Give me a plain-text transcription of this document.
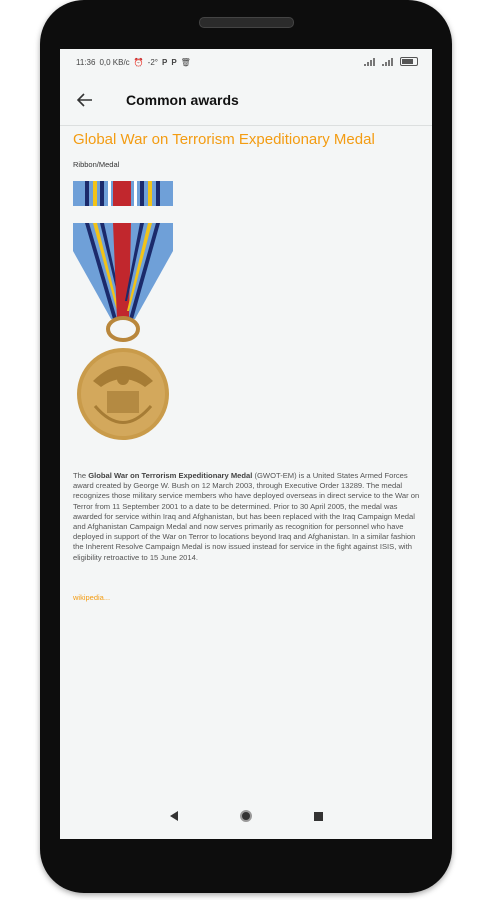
11:36 0,0 KB/c ⏰ -2° P P 🗑
Common awards
Global War on Terrorism Expeditionary Medal
Ribbon/Medal
The Global War on Terrorism Expeditionary Medal (GWOT-EM) is a United States Armed Forces award created by George W. Bush on 12 March 2003, through Executive Order 13289. The medal recognizes those military service members who have deployed overseas in direct service to the War on Terror from 11 September 2001 to a date to be determined. Prior to 30 April 2005, the medal was awarded for service within Iraq and Afghanistan, but has been replaced with the Iraq Campaign Medal and Afghanistan Campaign Medal and now serves primarily as recognition for personnel who have deployed in support of the War on Terror to locations beyond Iraq and Afghanistan. In a similar fashion the Inherent Resolve Campaign Medal is now issued instead for service in the fight against ISIS, with eligibility retroactive to 15 June 2014.
wikipedia...
